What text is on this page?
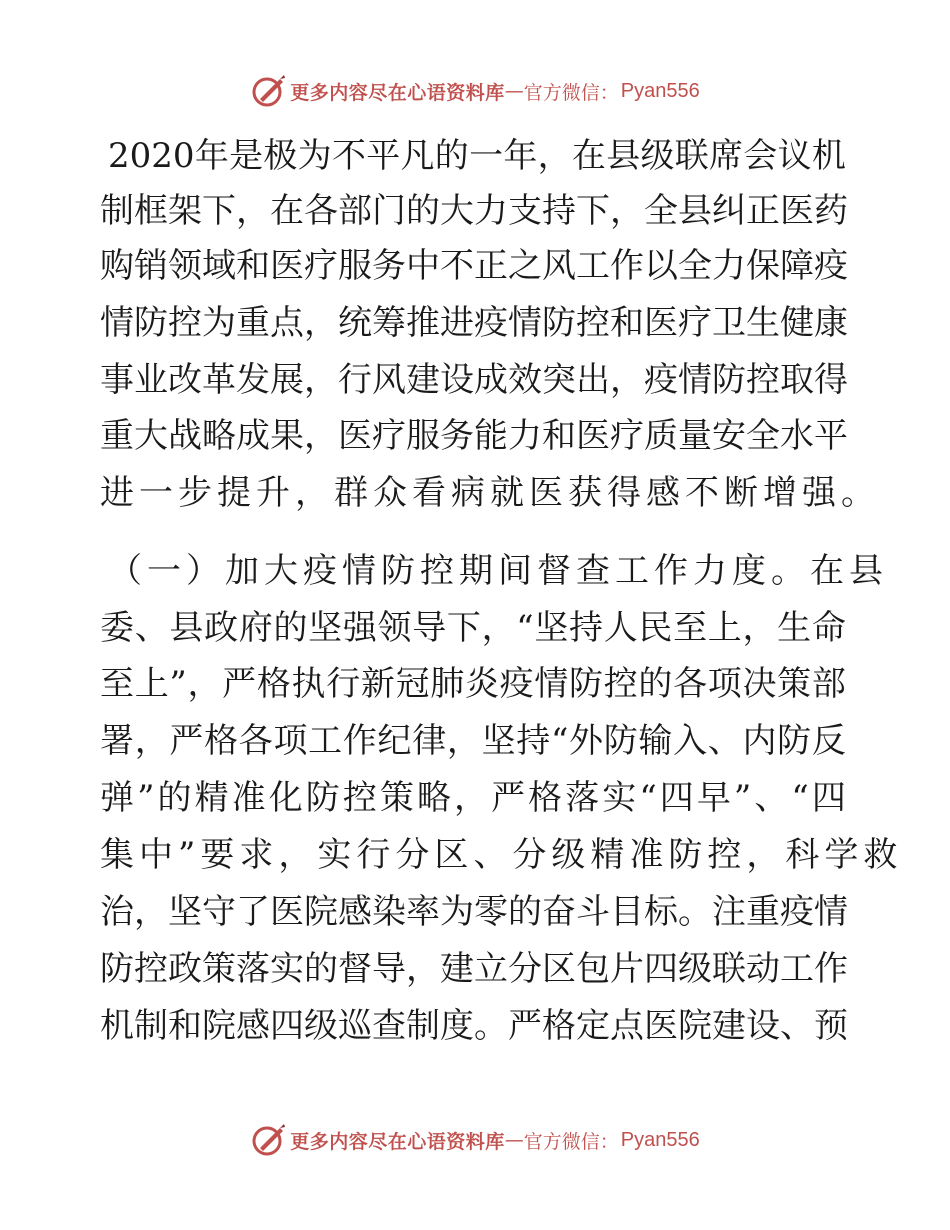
更多内容尽在心语资料库 — 官方微信： Pyan556
2020 年 是 极 为 不 平 凡 的 一 年 ， 在 县 级 联 席 会 议 机
制 框 架 下 ， 在 各 部 门 的 大 力 支 持 下 ， 全 县 纠 正 医 药
购 销 领 域 和 医 疗 服 务 中 不 正 之 风 工 作 以 全 力 保 障 疫
情 防 控 为 重 点 ， 统 筹 推 进 疫 情 防 控 和 医 疗 卫 生 健 康
事 业 改 革 发 展 ， 行 风 建 设 成 效 突 出 ， 疫 情 防 控 取 得
重 大 战 略 成 果 ， 医 疗 服 务 能 力 和 医 疗 质 量 安 全 水 平
进一步提升，群众看病就医获得感不断增强。
（一）加大疫情防控期间督查工作力度。在县
委 、 县 政 府 的 坚 强 领 导 下 ， “ 坚 持 人 民 至 上 ， 生 命
至 上 ” ， 严 格 执 行 新 冠 肺 炎 疫 情 防 控 的 各 项 决 策 部
署 ， 严 格 各 项 工 作 纪 律 ， 坚 持 “ 外 防 输 入 、 内 防 反
弹 ” 的 精 准 化 防 控 策 略 ， 严 格 落 实 “ 四 早 ” 、 “ 四
集中”要求，实行分区、分级精准防控，科学救
治 ， 坚 守 了 医 院 感 染 率 为 零 的 奋 斗 目 标 。 注 重 疫 情
防 控 政 策 落 实 的 督 导 ， 建 立 分 区 包 片 四 级 联 动 工 作
机 制 和 院 感 四 级 巡 查 制 度 。 严 格 定 点 医 院 建 设 、 预
更多内容尽在心语资料库 — 官方微信： Pyan556
